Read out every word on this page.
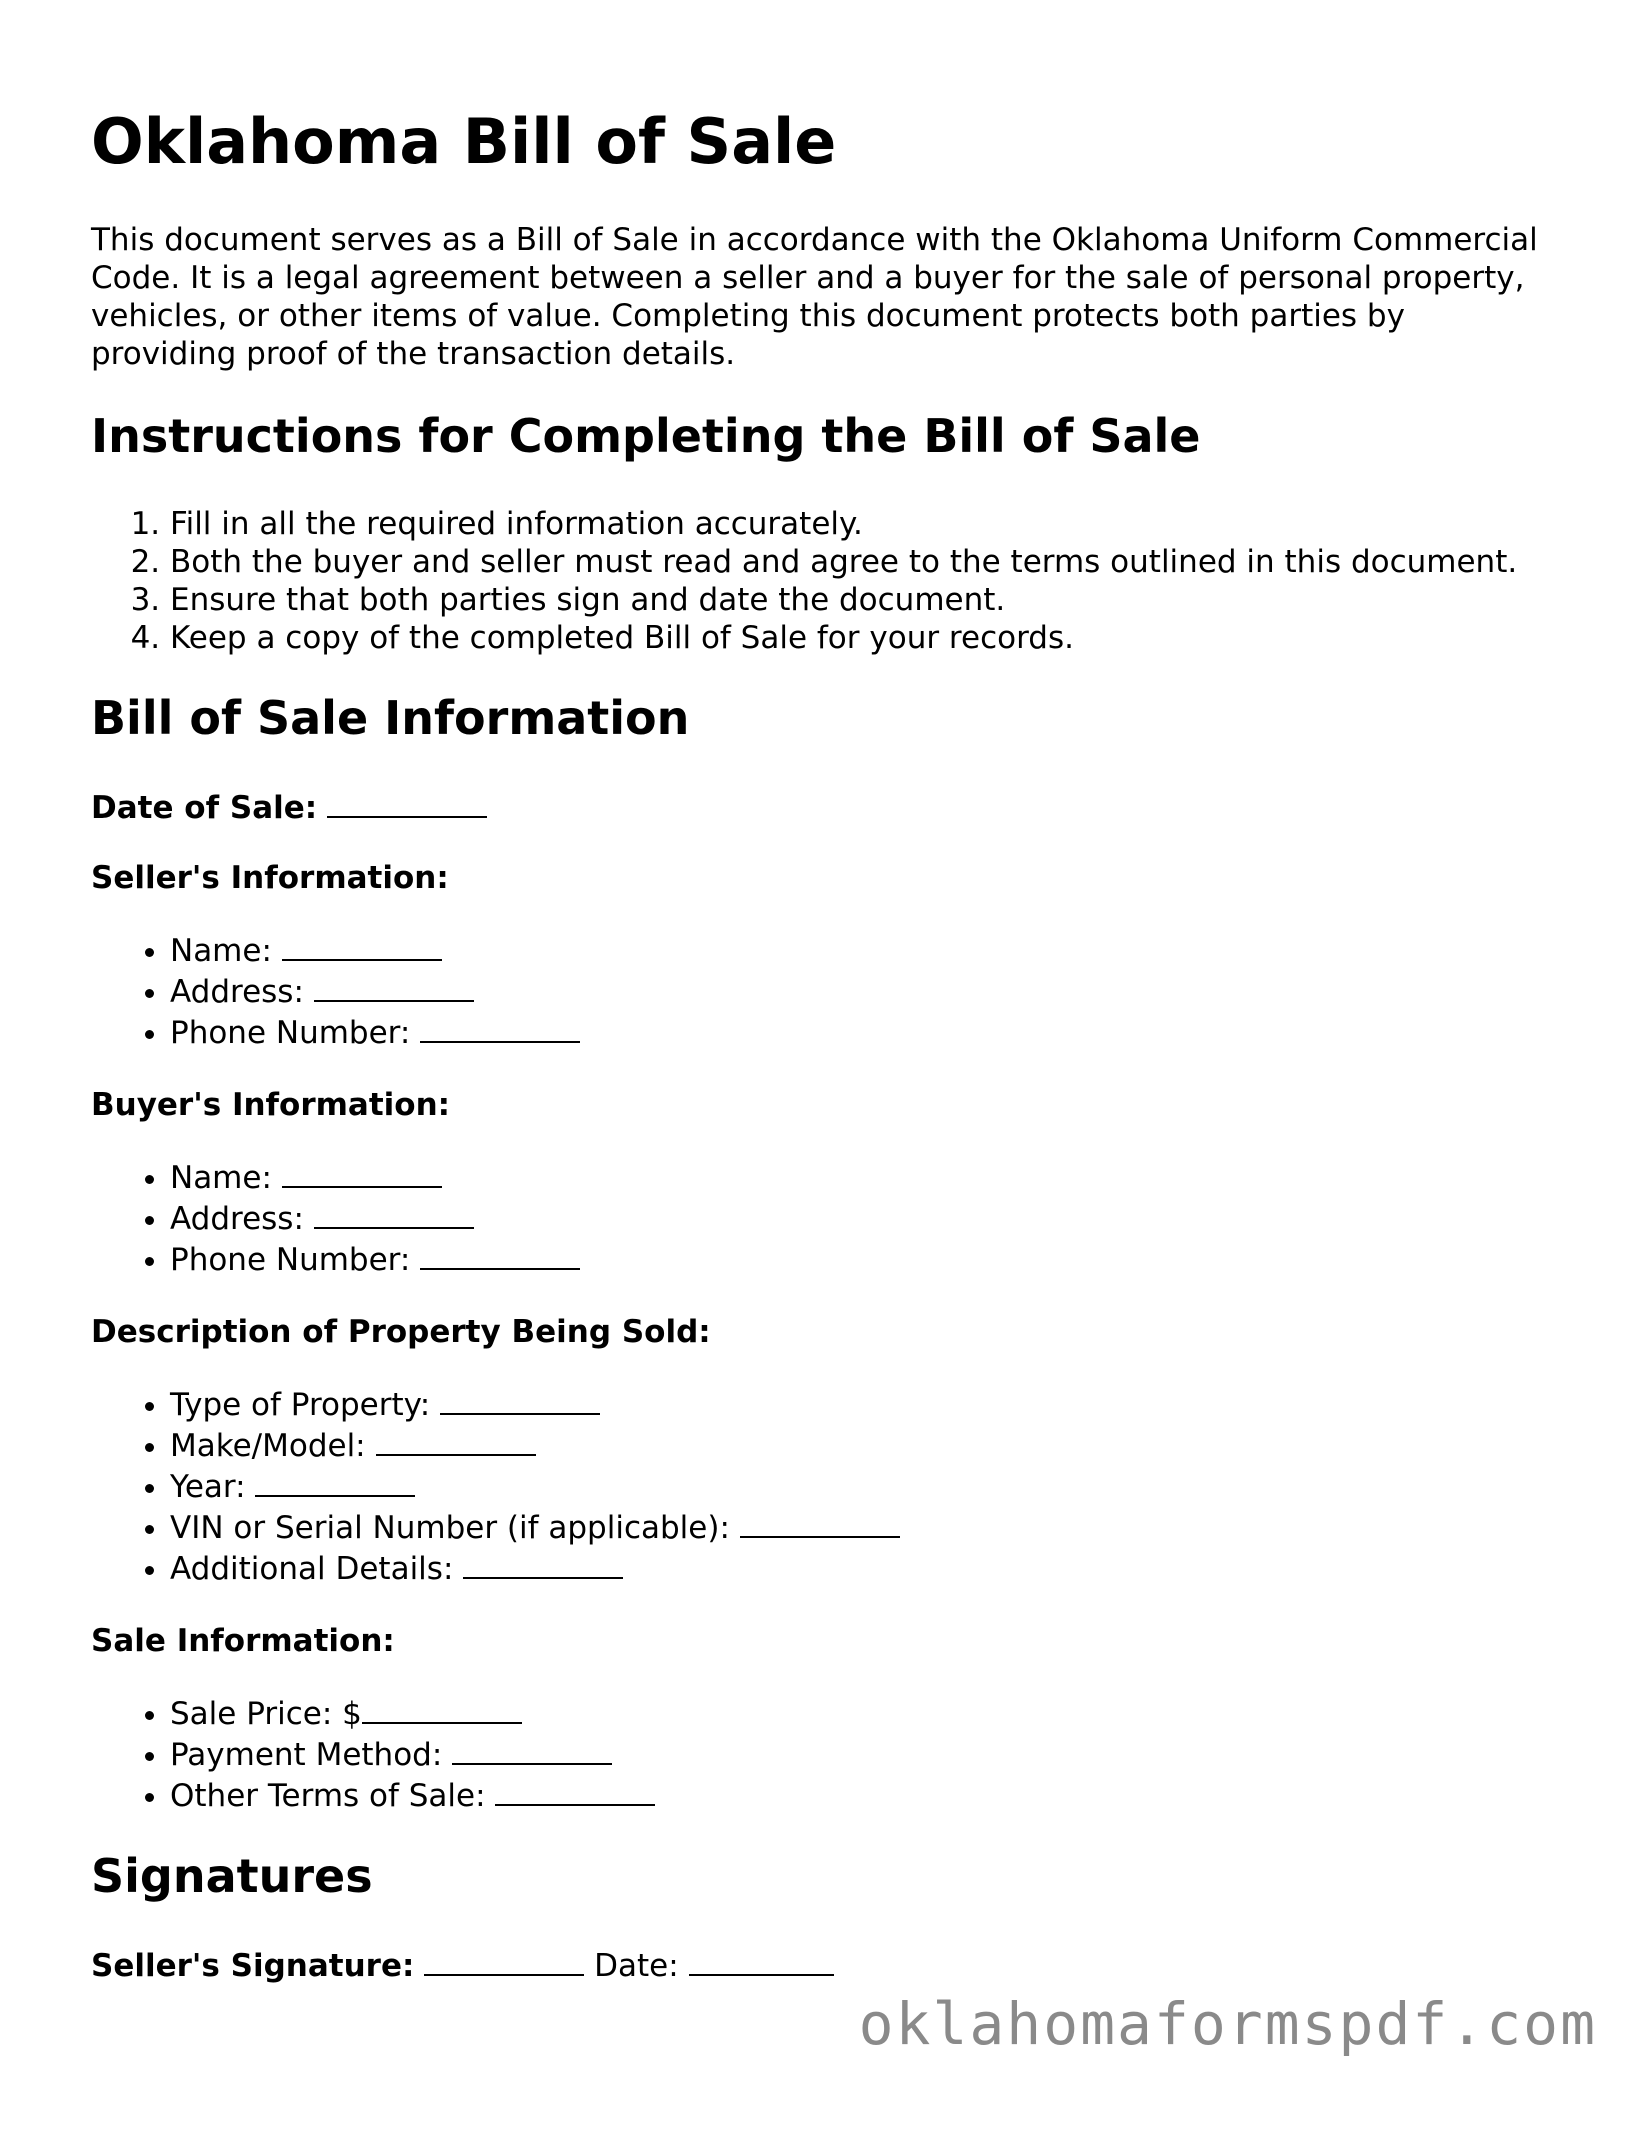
Oklahoma Bill of Sale

This document serves as a Bill of Sale in accordance with the Oklahoma Uniform Commercial Code. It is a legal agreement between a seller and a buyer for the sale of personal property, vehicles, or other items of value. Completing this document protects both parties by providing proof of the transaction details.

Instructions for Completing the Bill of Sale
1. Fill in all the required information accurately.
2. Both the buyer and seller must read and agree to the terms outlined in this document.
3. Ensure that both parties sign and date the document.
4. Keep a copy of the completed Bill of Sale for your records.
Bill of Sale Information
Date of Sale:
Seller's Information:
• Name:
• Address:
• Phone Number:
Buyer's Information:
• Name:
• Address:
• Phone Number:
Description of Property Being Sold:
• Type of Property:
• Make/Model:
• Year:
• VIN or Serial Number (if applicable):
• Additional Details:
Sale Information:
• Sale Price: $
• Payment Method:
• Other Terms of Sale:
Signatures
Seller's Signature:	Date:
oklahomaformspdf.com
